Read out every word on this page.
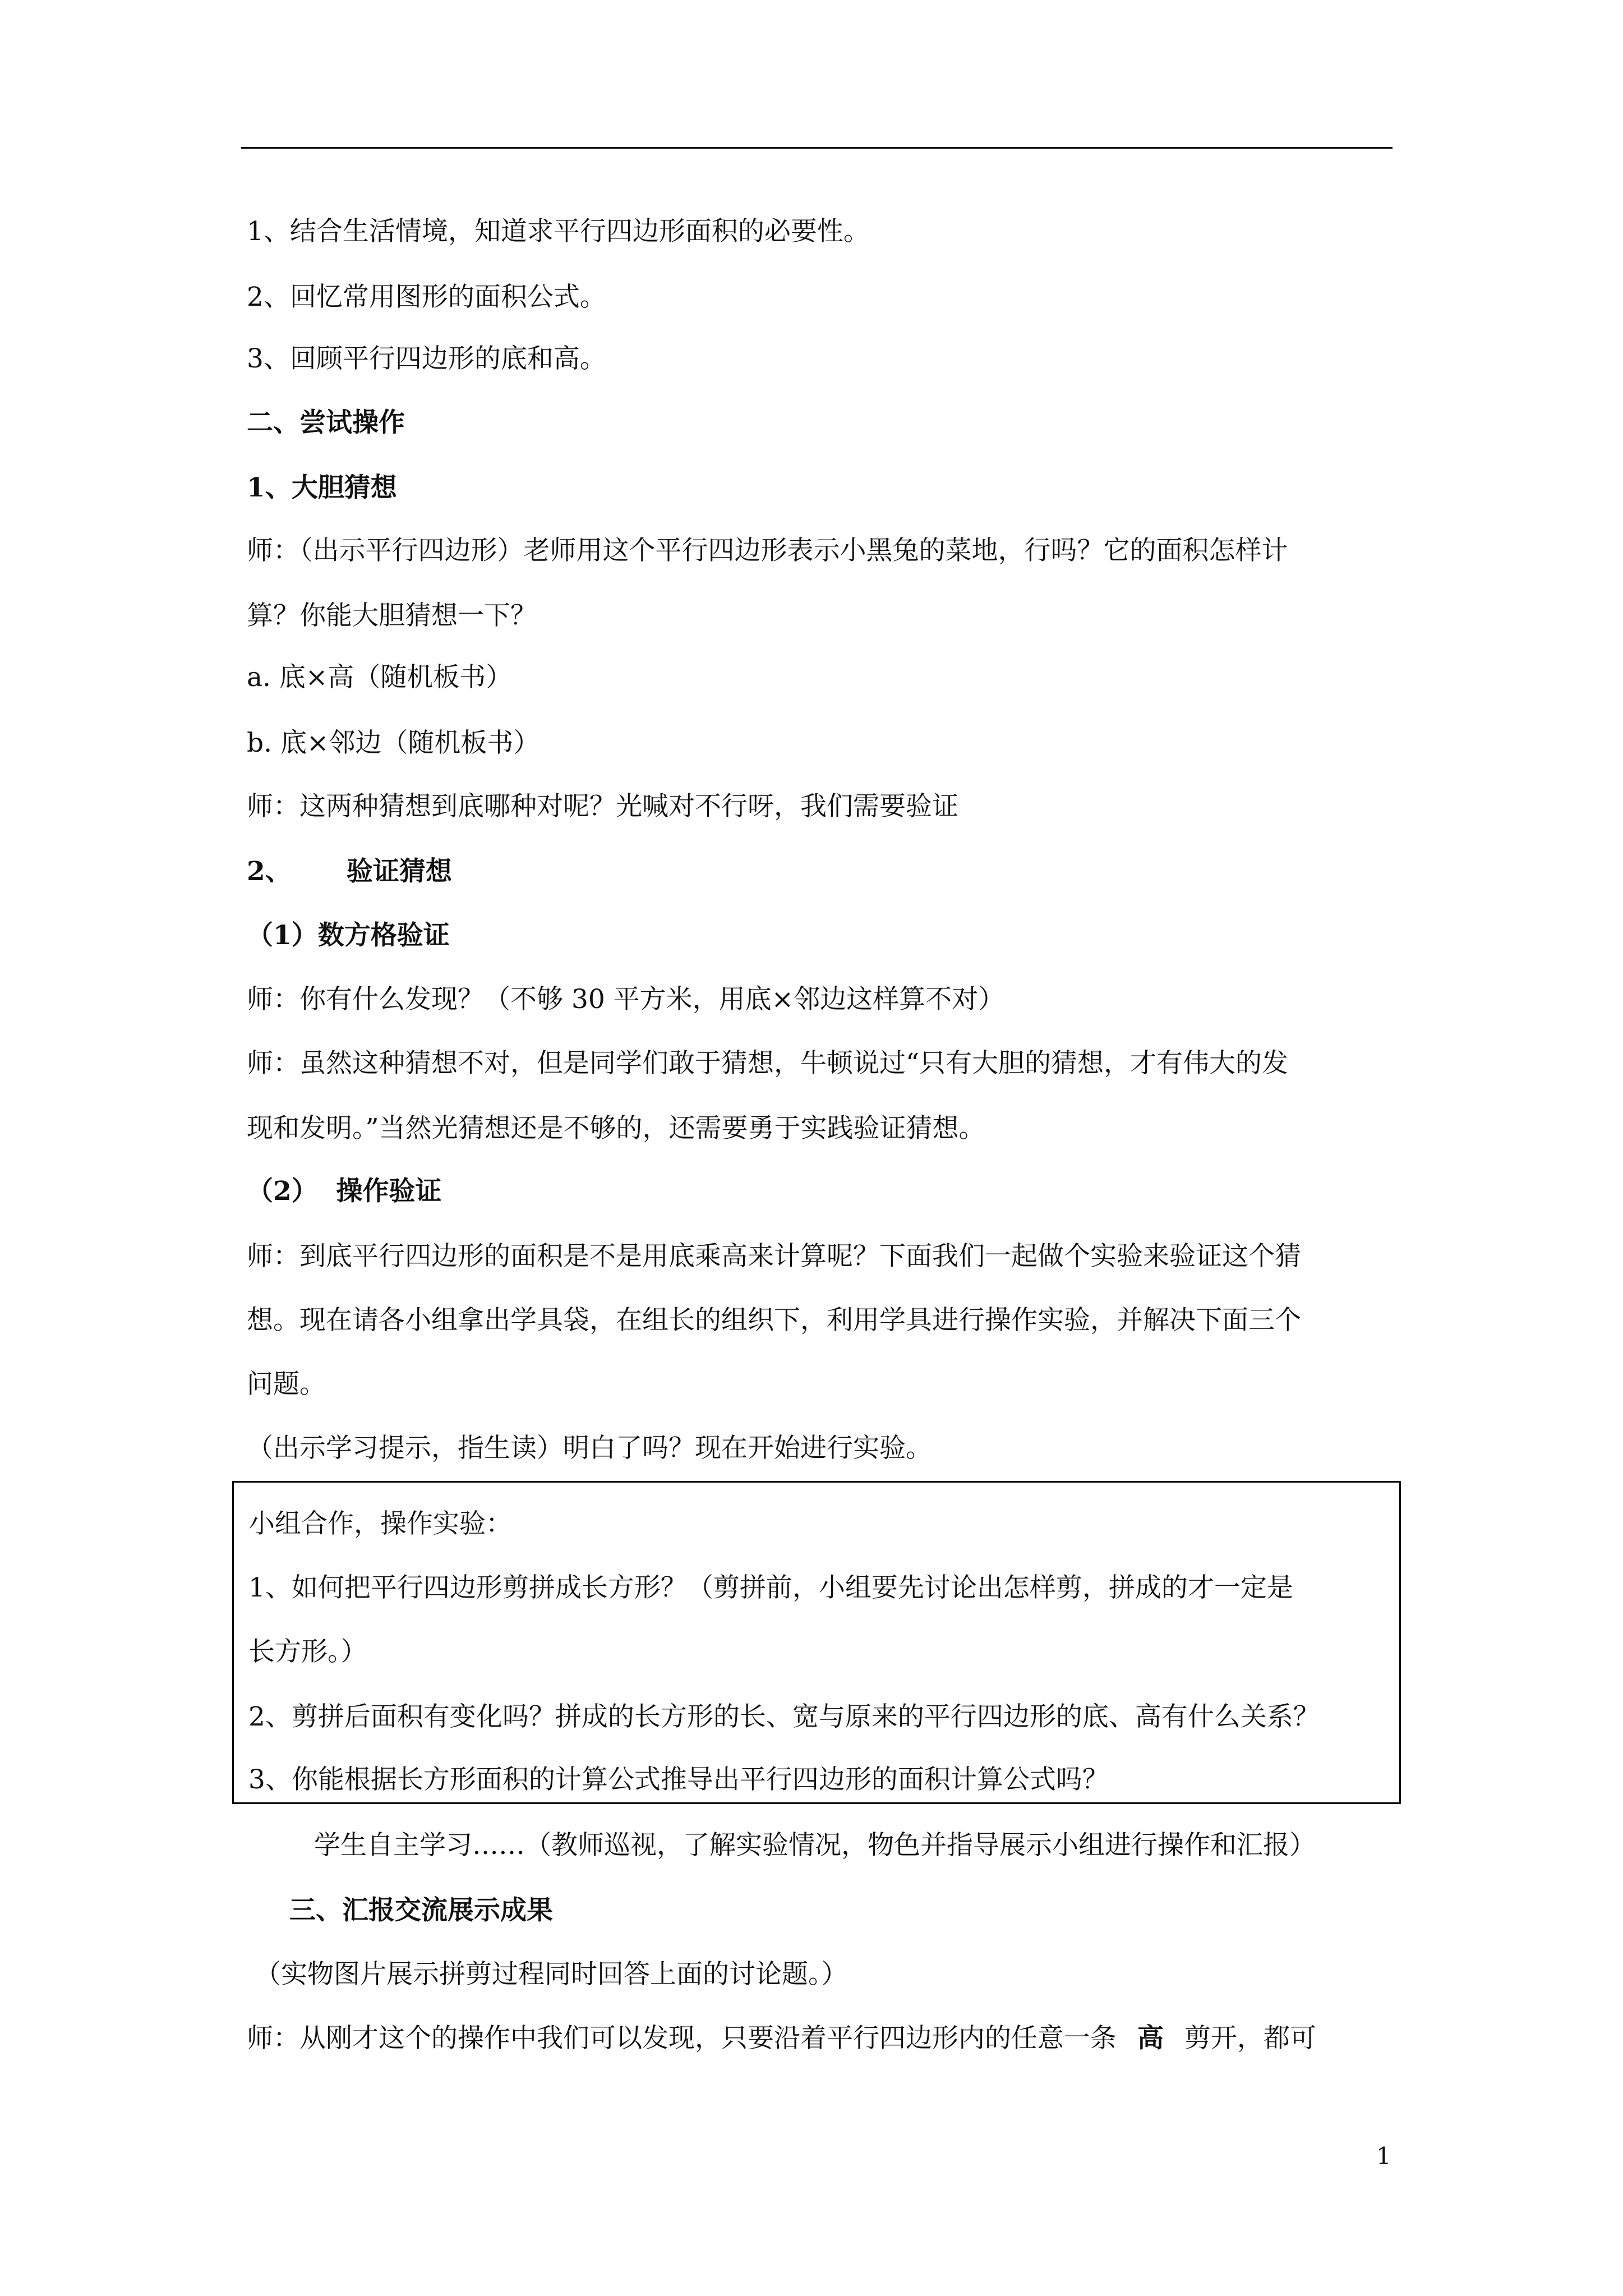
1、结合生活情境，知道求平行四边形面积的必要性。
2、回忆常用图形的面积公式。
3、回顾平行四边形的底和高。
二、尝试操作
1、大胆猜想
师：（出示平行四边形）老师用这个平行四边形表示小黑兔的菜地，行吗？它的面积怎样计
算？你能大胆猜想一下？
a. 底×高（随机板书）
b. 底×邻边（随机板书）
师：这两种猜想到底哪种对呢？光喊对不行呀，我们需要验证
2、      验证猜想
（1）数方格验证
师：你有什么发现？（不够 30 平方米，用底×邻边这样算不对）
师：虽然这种猜想不对，但是同学们敢于猜想，牛顿说过“只有大胆的猜想，才有伟大的发
现和发明。”当然光猜想还是不够的，还需要勇于实践验证猜想。
（2）  操作验证
师：到底平行四边形的面积是不是用底乘高来计算呢？下面我们一起做个实验来验证这个猜
想。现在请各小组拿出学具袋，在组长的组织下，利用学具进行操作实验，并解决下面三个
问题。
（出示学习提示，指生读）明白了吗？现在开始进行实验。
小组合作，操作实验：
1、如何把平行四边形剪拼成长方形？（剪拼前，小组要先讨论出怎样剪，拼成的才一定是
长方形。）
2、剪拼后面积有变化吗？拼成的长方形的长、宽与原来的平行四边形的底、高有什么关系？
3、你能根据长方形面积的计算公式推导出平行四边形的面积计算公式吗？
学生自主学习……（教师巡视，了解实验情况，物色并指导展示小组进行操作和汇报）
三、汇报交流展示成果
（实物图片展示拼剪过程同时回答上面的讨论题。）
师：从刚才这个的操作中我们可以发现，只要沿着平行四边形内的任意一条 高 剪开，都可
1
